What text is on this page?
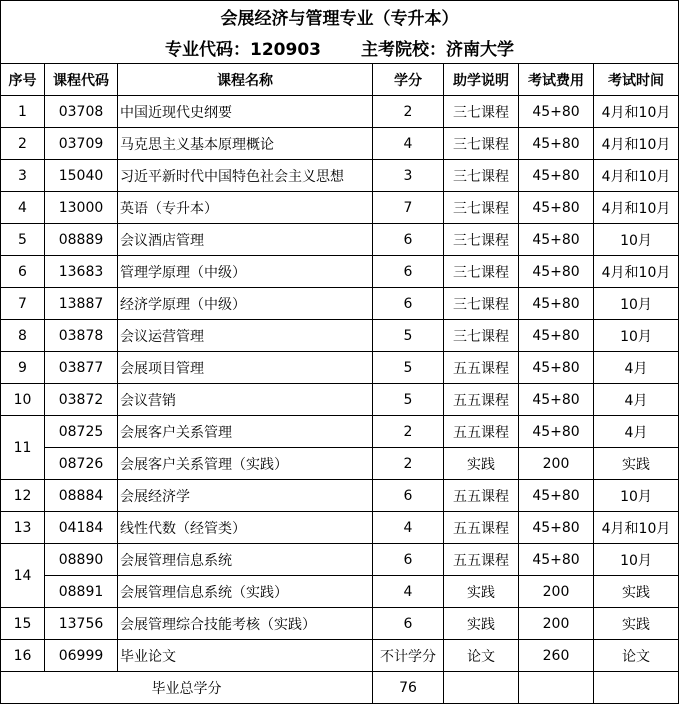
会展经济与管理专业（专升本）						
专业代码：120903 主考院校：济南大学						
序号	课程代码	课程名称	学分	助学说明	考试费用	考试时间
1	03708	中国近现代史纲要	2	三七课程	45+80	4月和10月
2	03709	马克思主义基本原理概论	4	三七课程	45+80	4月和10月
3	15040	习近平新时代中国特色社会主义思想	3	三七课程	45+80	4月和10月
4	13000	英语（专升本）	7	三七课程	45+80	4月和10月
5	08889	会议酒店管理	6	三七课程	45+80	10月
6	13683	管理学原理（中级）	6	三七课程	45+80	4月和10月
7	13887	经济学原理（中级）	6	三七课程	45+80	10月
8	03878	会议运营管理	5	三七课程	45+80	10月
9	03877	会展项目管理	5	五五课程	45+80	4月
10	03872	会议营销	5	五五课程	45+80	4月
11	08725	会展客户关系管理	2	五五课程	45+80	4月
	08726	会展客户关系管理（实践）	2	实践	200	实践
12	08884	会展经济学	6	五五课程	45+80	10月
13	04184	线性代数（经管类）	4	五五课程	45+80	4月和10月
14	08890	会展管理信息系统	6	五五课程	45+80	10月
	08891	会展管理信息系统（实践）	4	实践	200	实践
15	13756	会展管理综合技能考核（实践）	6	实践	200	实践
16	06999	毕业论文	不计学分	论文	260	论文
毕业总学分			76			
